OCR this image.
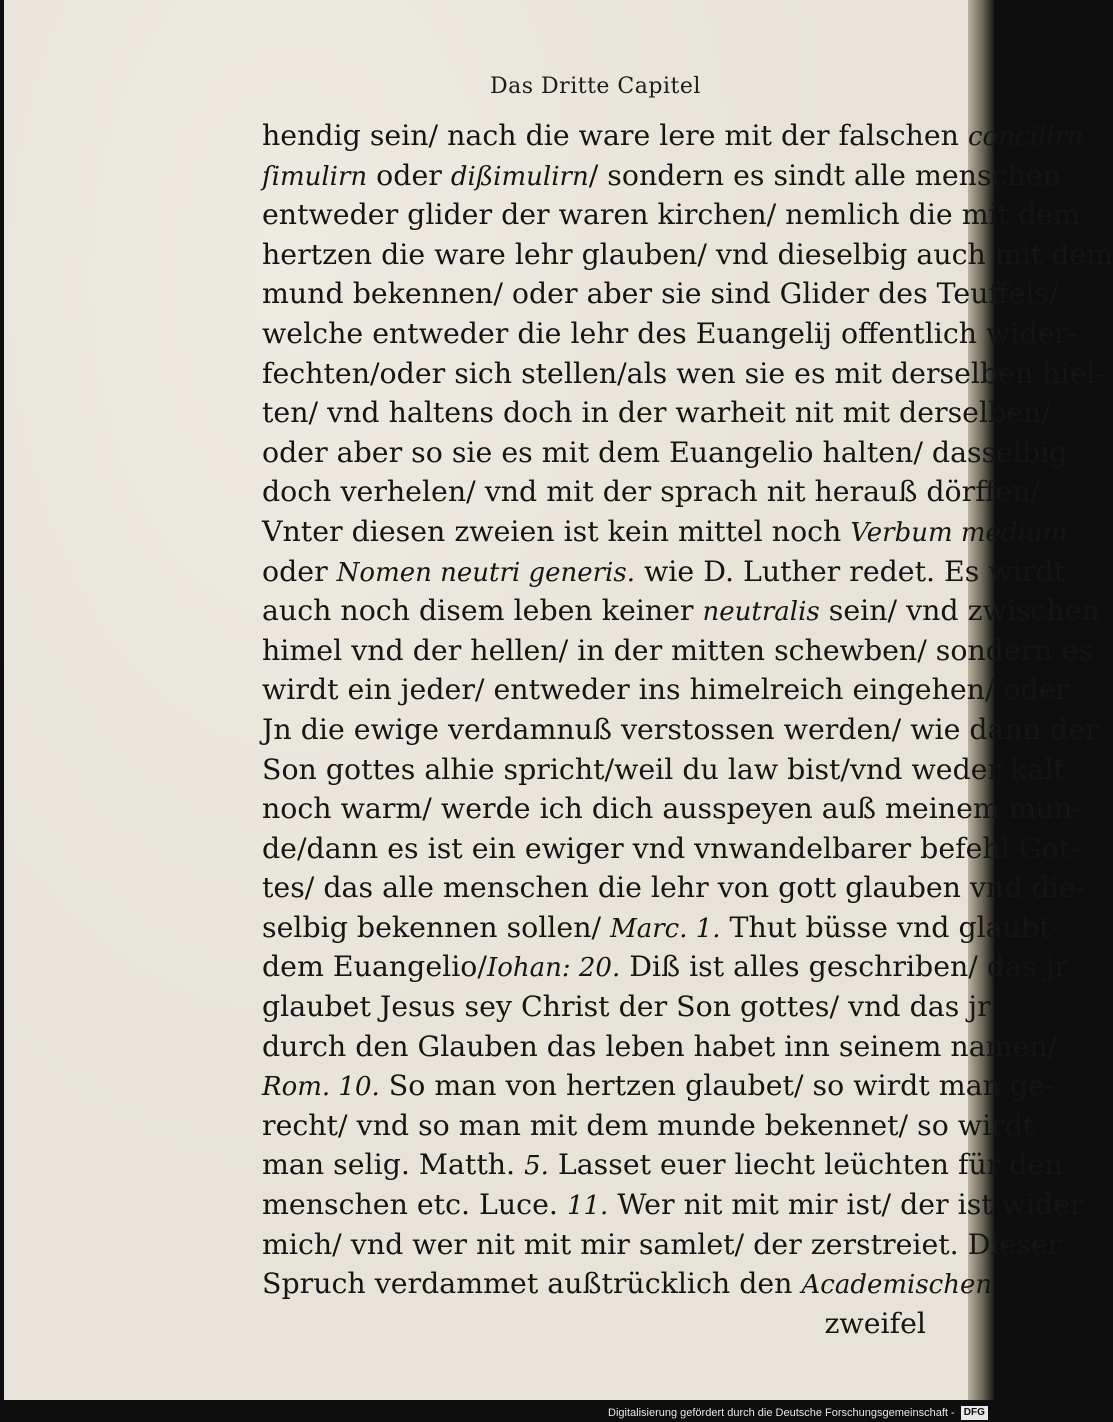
Das Dritte Capitel
hendig sein/ nach die ware lere mit der falschen concilirn
ſimulirn oder dißimulirn/ sondern es sindt alle menschen
entweder glider der waren kirchen/ nemlich die mit dem
hertzen die ware lehr glauben/ vnd dieselbig auch mit dem
mund bekennen/ oder aber sie sind Glider des Teuffels/
welche entweder die lehr des Euangelij offentlich wider-
fechten/oder sich stellen/als wen sie es mit derselben hiel-
ten/ vnd haltens doch in der warheit nit mit derselben/
oder aber so sie es mit dem Euangelio halten/ dasselbig
doch verhelen/ vnd mit der sprach nit herauß dörffen/
Vnter diesen zweien ist kein mittel noch Verbum medium
oder Nomen neutri generis. wie D. Luther redet. Es wirdt
auch noch disem leben keiner neutralis sein/ vnd zwischen
himel vnd der hellen/ in der mitten schewben/ sondern es
wirdt ein jeder/ entweder ins himelreich eingehen/ oder
Jn die ewige verdamnuß verstossen werden/ wie dann der
Son gottes alhie spricht/weil du law bist/vnd weder kalt
noch warm/ werde ich dich ausspeyen auß meinem mun-
de/dann es ist ein ewiger vnd vnwandelbarer befehl Got-
tes/ das alle menschen die lehr von gott glauben vnd die-
selbig bekennen sollen/ Marc. 1. Thut büsse vnd glaubt
dem Euangelio/Iohan: 20. Diß ist alles geschriben/ das jr
glaubet Jesus sey Christ der Son gottes/ vnd das jr
durch den Glauben das leben habet inn seinem namen/
Rom. 10. So man von hertzen glaubet/ so wirdt man ge-
recht/ vnd so man mit dem munde bekennet/ so wirdt
man selig. Matth. 5. Lasset euer liecht leüchten für den
menschen etc. Luce. 11. Wer nit mit mir ist/ der ist wider
mich/ vnd wer nit mit mir samlet/ der zerstreiet. Dieser
Spruch verdammet außtrücklich den Academischen
zweifel
Digitalisierung gefördert durch die Deutsche Forschungsgemeinschaft - DFG
